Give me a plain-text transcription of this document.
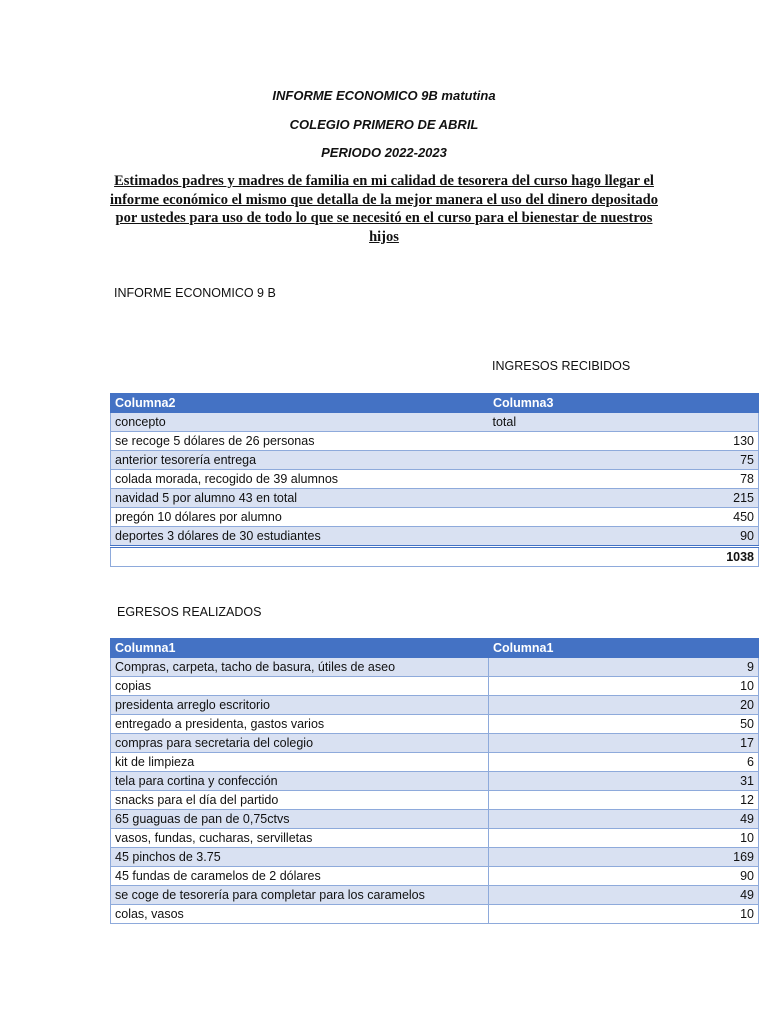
INFORME ECONOMICO 9B matutina
COLEGIO PRIMERO DE ABRIL
PERIODO 2022-2023
Estimados padres y madres de familia en mi calidad de tesorera del curso hago llegar el informe económico el mismo que detalla de la mejor manera el uso del dinero depositado por ustedes para uso de todo lo que se necesitó en el curso para el bienestar de nuestros hijos
INFORME ECONOMICO 9 B
INGRESOS RECIBIDOS
Columna2	Columna3
concepto	total
se recoge 5 dólares de 26 personas	130
anterior tesorería entrega	75
colada morada, recogido de 39 alumnos	78
navidad 5 por alumno 43 en total	215
pregón 10 dólares por alumno	450
deportes 3 dólares de 30 estudiantes	90
	1038
EGRESOS REALIZADOS
Columna1	Columna1
Compras, carpeta, tacho de basura, útiles de aseo	9
copias	10
presidenta arreglo escritorio	20
entregado a presidenta, gastos varios	50
compras para secretaria del colegio	17
kit de limpieza	6
tela para cortina y confección	31
snacks para el día del partido	12
65 guaguas de pan de 0,75ctvs	49
vasos, fundas, cucharas, servilletas	10
45 pinchos de 3.75	169
45 fundas de caramelos de 2 dólares	90
se coge de tesorería para completar para los caramelos	49
colas, vasos	10
